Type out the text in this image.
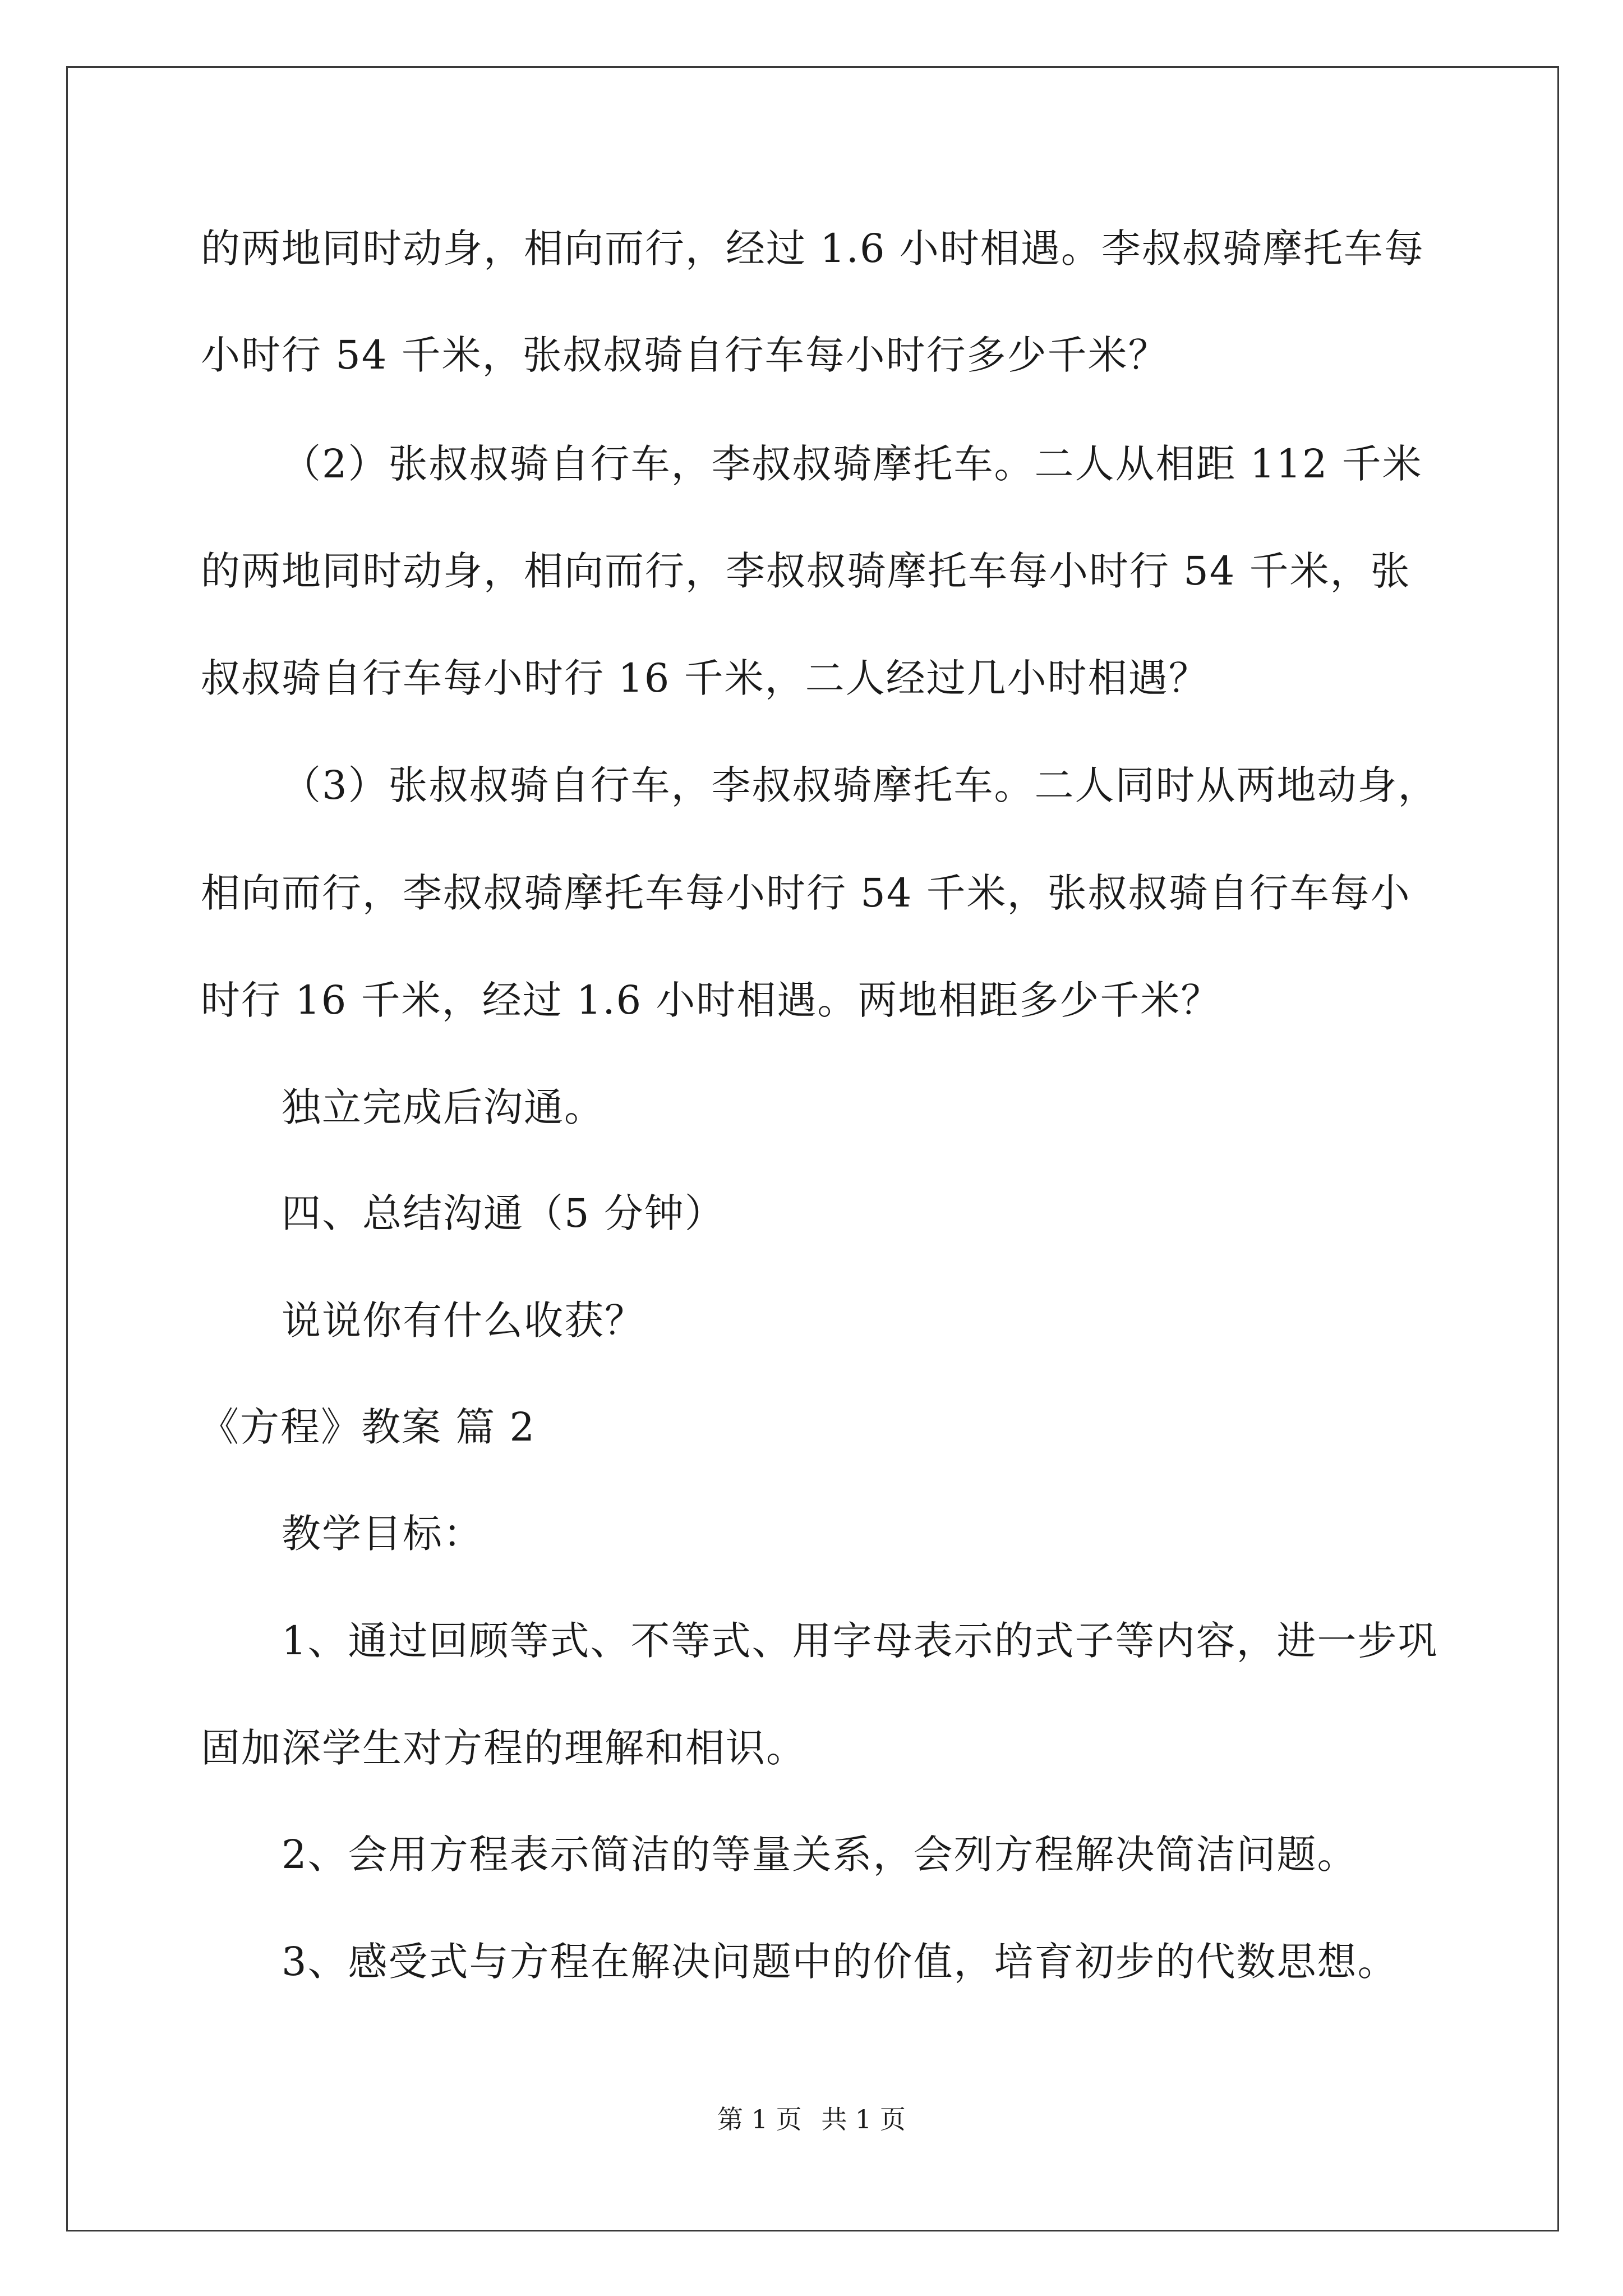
的两地同时动身，相向而行，经过 1.6 小时相遇。李叔叔骑摩托车每
小时行 54 千米，张叔叔骑自行车每小时行多少千米？
（2）张叔叔骑自行车，李叔叔骑摩托车。二人从相距 112 千米
的两地同时动身，相向而行，李叔叔骑摩托车每小时行 54 千米，张
叔叔骑自行车每小时行 16 千米，二人经过几小时相遇？
（3）张叔叔骑自行车，李叔叔骑摩托车。二人同时从两地动身，
相向而行，李叔叔骑摩托车每小时行 54 千米，张叔叔骑自行车每小
时行 16 千米，经过 1.6 小时相遇。两地相距多少千米？
独立完成后沟通。
四、总结沟通（5 分钟）
说说你有什么收获？
《方程》教案 篇 2
教学目标：
1、通过回顾等式、不等式、用字母表示的式子等内容，进一步巩
固加深学生对方程的理解和相识。
2、会用方程表示简洁的等量关系，会列方程解决简洁问题。
3、感受式与方程在解决问题中的价值，培育初步的代数思想。
第 1 页 共 1 页
